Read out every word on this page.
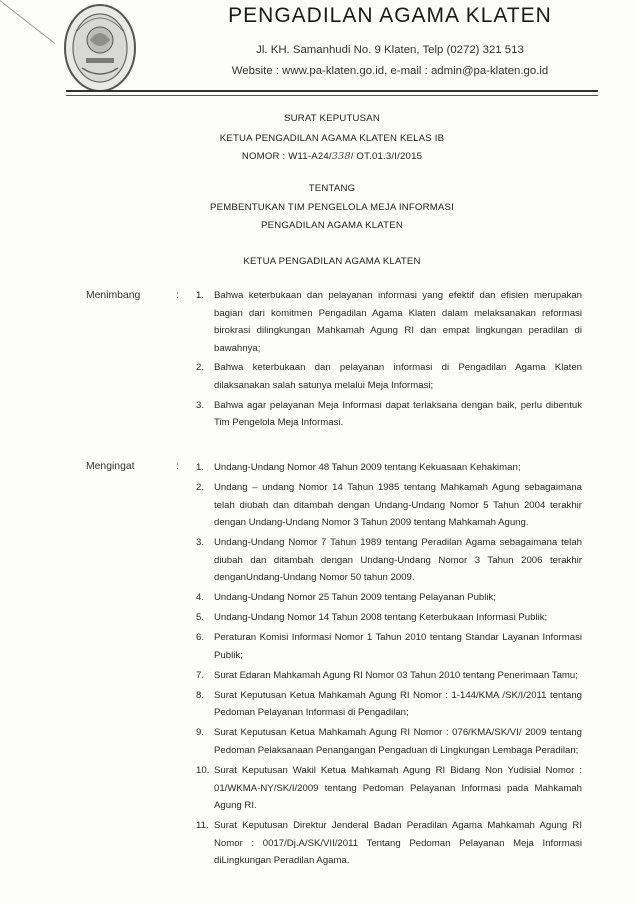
PENGADILAN AGAMA KLATEN
Jl. KH. Samanhudi No. 9 Klaten, Telp (0272) 321 513
Website : www.pa-klaten.go.id, e-mail : admin@pa-klaten.go.id
SURAT KEPUTUSAN
KETUA PENGADILAN AGAMA KLATEN KELAS IB
NOMOR : W11-A24/338/ OT.01.3/I/2015
TENTANG
PEMBENTUKAN TIM PENGELOLA MEJA INFORMASI
PENGADILAN AGAMA KLATEN
KETUA PENGADILAN AGAMA KLATEN
Menimbang	: 1.	Bahwa keterbukaan dan pelayanan informasi yang efektif dan efisien merupakan bagian dari komitmen Pengadilan Agama Klaten dalam melaksanakan reformasi birokrasi dilingkungan Mahkamah Agung RI dan empat lingkungan peradilan di bawahnya;
2.	Bahwa keterbukaan dan pelayanan informasi di Pengadilan Agama Klaten dilaksanakan salah satunya melalui Meja Informasi;
3.	Bahwa agar pelayanan Meja Informasi dapat terlaksana dengan baik, perlu dibentuk Tim Pengelola Meja Informasi.
Mengingat	: 1.	Undang-Undang Nomor 48 Tahun 2009 tentang Kekuasaan Kehakiman;
2.	Undang – undang Nomor 14 Tahun 1985 tentang Mahkamah Agung sebagaimana telah diubah dan ditambah dengan Undang-Undang Nomor 5 Tahun 2004 terakhir dengan Undang-Undang Nomor 3 Tahun 2009 tentang Mahkamah Agung.
3.	Undang-Undang Nomor 7 Tahun 1989 tentang Peradilan Agama sebagaimana telah diubah dan ditambah dengan Undang-Undang Nomor 3 Tahun 2006 terakhir denganUndang-Undang Nomor 50 tahun 2009.
4.	Undang-Undang Nomor 25 Tahun 2009 tentang Pelayanan Publik;
5.	Undang-Undang Nomor 14 Tahun 2008 tentang Keterbukaan Informasi Publik;
6.	Peraturan Komisi Informasi Nomor 1 Tahun 2010 tentang Standar Layanan Informasi Publik;
7.	Surat Edaran Mahkamah Agung RI Nomor 03 Tahun 2010 tentang Penerimaan Tamu;
8.	Surat Keputusan Ketua Mahkamah Agung RI Nomor : 1-144/KMA /SK/I/2011 tentang Pedoman Pelayanan Informasi di Pengadilan;
9.	Surat Keputusan Ketua Mahkamah Agung RI Nomor : 076/KMA/SK/VI/ 2009 tentang Pedoman Pelaksanaan Penangangan Pengaduan di Lingkungan Lembaga Peradilan;
10. Surat Keputusan Wakil Ketua Mahkamah Agung RI Bidang Non Yudisial Nomor : 01/WKMA-NY/SK/I/2009 tentang Pedoman Pelayanan Informasi pada Mahkamah Agung RI.
11. Surat Keputusan Direktur Jenderal Badan Peradilan Agama Mahkamah Agung RI Nomor : 0017/Dj.A/SK/VII/2011 Tentang Pedoman Pelayanan Meja Informasi diLingkungan Peradilan Agama.
